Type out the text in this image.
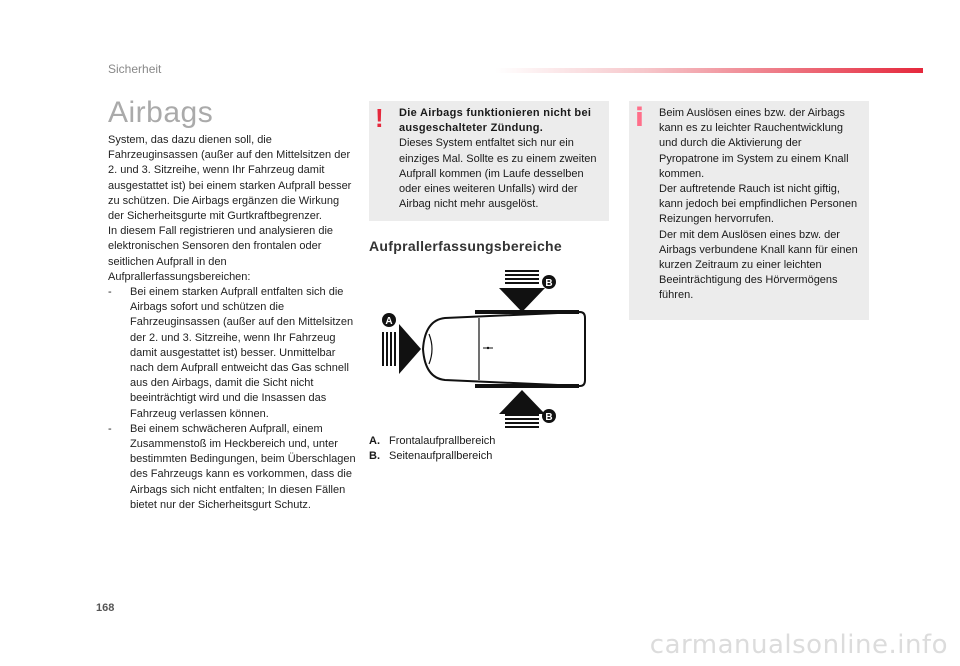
Sicherheit
Airbags

System, das dazu dienen soll, die Fahrzeuginsassen (außer auf den Mittelsitzen der 2. und 3. Sitzreihe, wenn Ihr Fahrzeug damit ausgestattet ist) bei einem starken Aufprall besser zu schützen. Die Airbags ergänzen die Wirkung der Sicherheitsgurte mit Gurtkraftbegrenzer.

In diesem Fall registrieren und analysieren die elektronischen Sensoren den frontalen oder seitlichen Aufprall in den Aufprallerfassungsbereichen:

-	Bei einem starken Aufprall entfalten sich die Airbags sofort und schützen die Fahrzeuginsassen (außer auf den Mittelsitzen der 2. und 3. Sitzreihe, wenn Ihr Fahrzeug damit ausgestattet ist) besser. Unmittelbar nach dem Aufprall entweicht das Gas schnell aus den Airbags, damit die Sicht nicht beeinträchtigt wird und die Insassen das Fahrzeug verlassen können.
-	Bei einem schwächeren Aufprall, einem Zusammenstoß im Heckbereich und, unter bestimmten Bedingungen, beim Überschlagen des Fahrzeugs kann es vorkommen, dass die Airbags sich nicht entfalten; In diesen Fällen bietet nur der Sicherheitsgurt Schutz.
! Die Airbags funktionieren nicht bei ausgeschalteter Zündung.

Dieses System entfaltet sich nur ein einziges Mal. Sollte es zu einem zweiten Aufprall kommen (im Laufe desselben oder eines weiteren Unfalls) wird der Airbag nicht mehr ausgelöst.

i Beim Auslösen eines bzw. der Airbags kann es zu leichter Rauchentwicklung und durch die Aktivierung der Pyropatrone im System zu einem Knall kommen.

Der auftretende Rauch ist nicht giftig, kann jedoch bei empfindlichen Personen Reizungen hervorrufen.

Der mit dem Auslösen eines bzw. der Airbags verbundene Knall kann für einen kurzen Zeitraum zu einer leichten Beeinträchtigung des Hörvermögens führen.

Aufprallerfassungsbereiche
B
A
B
A. Frontalaufprallbereich
B. Seitenaufprallbereich
168
carmanualsonline.info
